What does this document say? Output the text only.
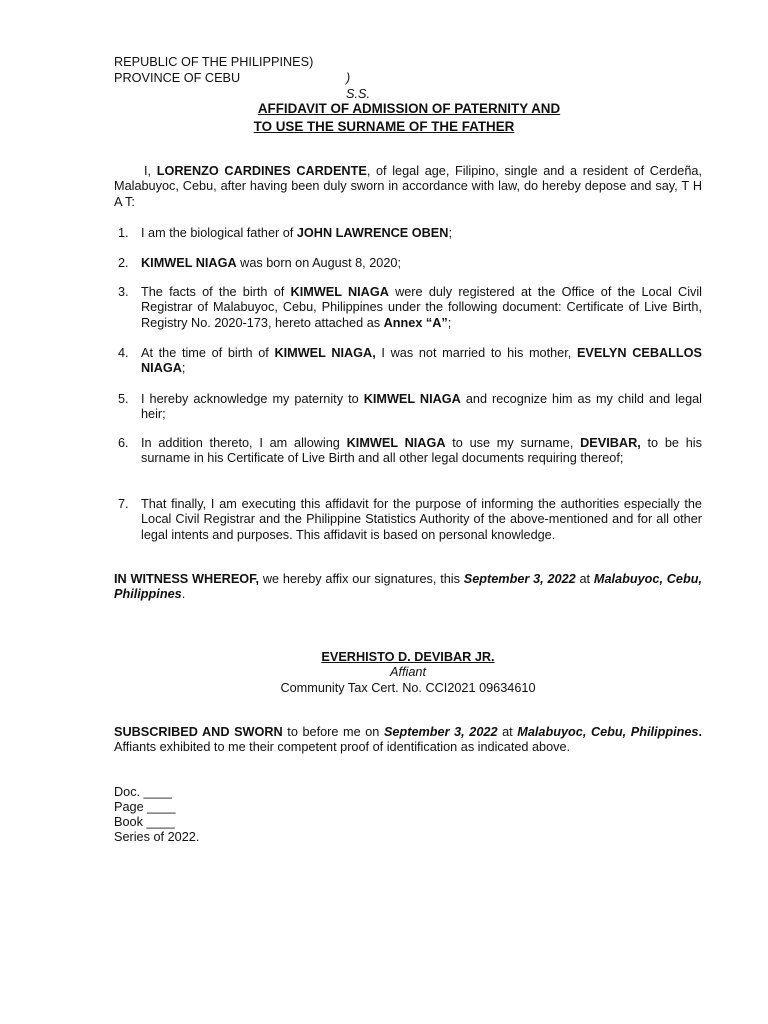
REPUBLIC OF THE PHILIPPINES)
PROVINCE OF CEBU	) S.S.
AFFIDAVIT OF ADMISSION OF PATERNITY AND
TO USE THE SURNAME OF THE FATHER
I, LORENZO CARDINES CARDENTE, of legal age, Filipino, single and a resident of Cerdeña, Malabuyoc, Cebu, after having been duly sworn in accordance with law, do hereby depose and say, T H A T:
1. I am the biological father of JOHN LAWRENCE OBEN;
2. KIMWEL NIAGA was born on August 8, 2020;
3. The facts of the birth of KIMWEL NIAGA were duly registered at the Office of the Local Civil Registrar of Malabuyoc, Cebu, Philippines under the following document: Certificate of Live Birth, Registry No. 2020-173, hereto attached as Annex “A”;
4. At the time of birth of KIMWEL NIAGA, I was not married to his mother, EVELYN CEBALLOS NIAGA;
5. I hereby acknowledge my paternity to KIMWEL NIAGA and recognize him as my child and legal heir;
6. In addition thereto, I am allowing KIMWEL NIAGA to use my surname, DEVIBAR, to be his surname in his Certificate of Live Birth and all other legal documents requiring thereof;
7. That finally, I am executing this affidavit for the purpose of informing the authorities especially the Local Civil Registrar and the Philippine Statistics Authority of the above-mentioned and for all other legal intents and purposes. This affidavit is based on personal knowledge.
IN WITNESS WHEREOF, we hereby affix our signatures, this September 3, 2022 at Malabuyoc, Cebu, Philippines.
EVERHISTO D. DEVIBAR JR.
Affiant
Community Tax Cert. No. CCI2021 09634610
SUBSCRIBED AND SWORN to before me on September 3, 2022 at Malabuyoc, Cebu, Philippines. Affiants exhibited to me their competent proof of identification as indicated above.
Doc. ____
Page ____
Book ____
Series of 2022.
